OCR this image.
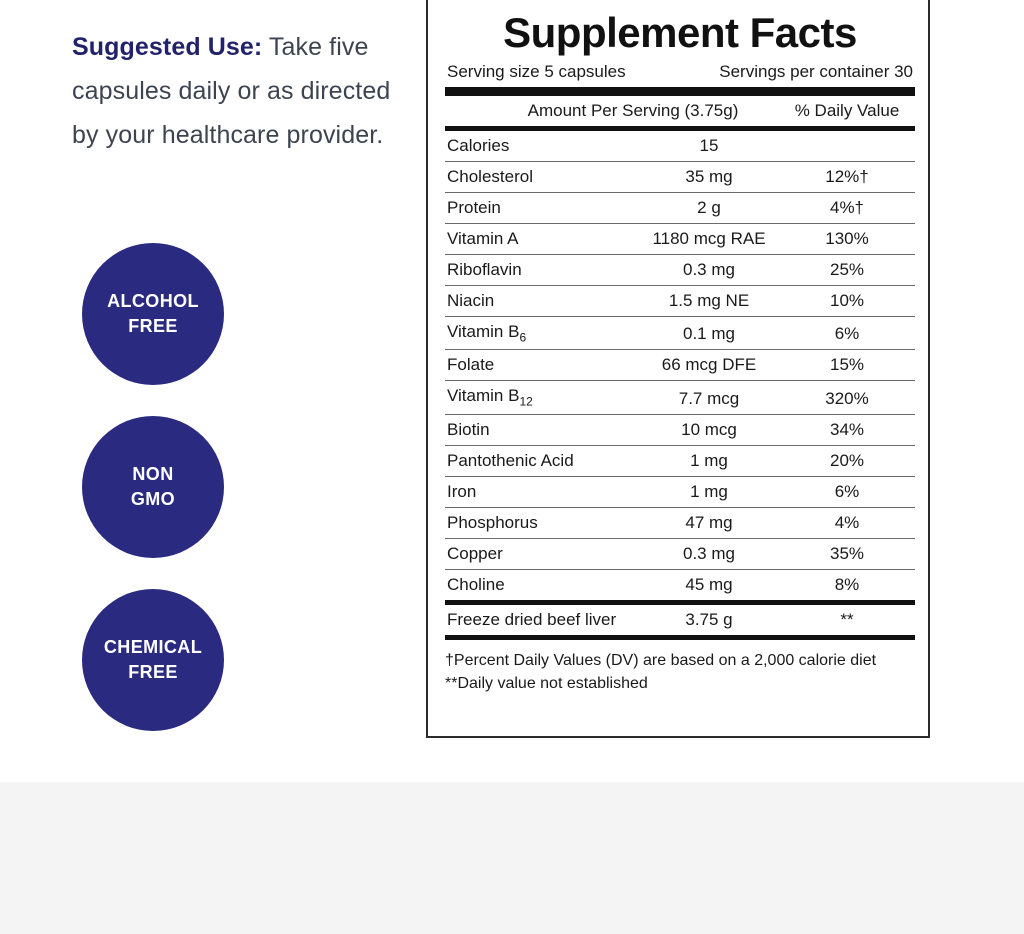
Suggested Use: Take five capsules daily or as directed by your healthcare provider.

ALCOHOL
FREE
NON
GMO
CHEMICAL
FREE
Supplement Facts
Serving size 5 capsules	Servings per container 30
Amount Per Serving (3.75g)	% Daily Value
Calories	15	
Cholesterol	35 mg	12%†
Protein	2 g	4%†
Vitamin A	1180 mcg RAE	130%
Riboflavin	0.3 mg	25%
Niacin	1.5 mg NE	10%
Vitamin $B_6$	0.1 mg	6%
Folate	66 mcg DFE	15%
Vitamin $B_{12}$	7.7 mcg	320%
Biotin	10 mcg	34%
Pantothenic Acid	1 mg	20%
Iron	1 mg	6%
Phosphorus	47 mg	4%
Copper	0.3 mg	35%
Choline	45 mg	8%
Freeze dried beef liver	3.75 g	**
†Percent Daily Values (DV) are based on a 2,000 calorie diet
**Daily value not established
